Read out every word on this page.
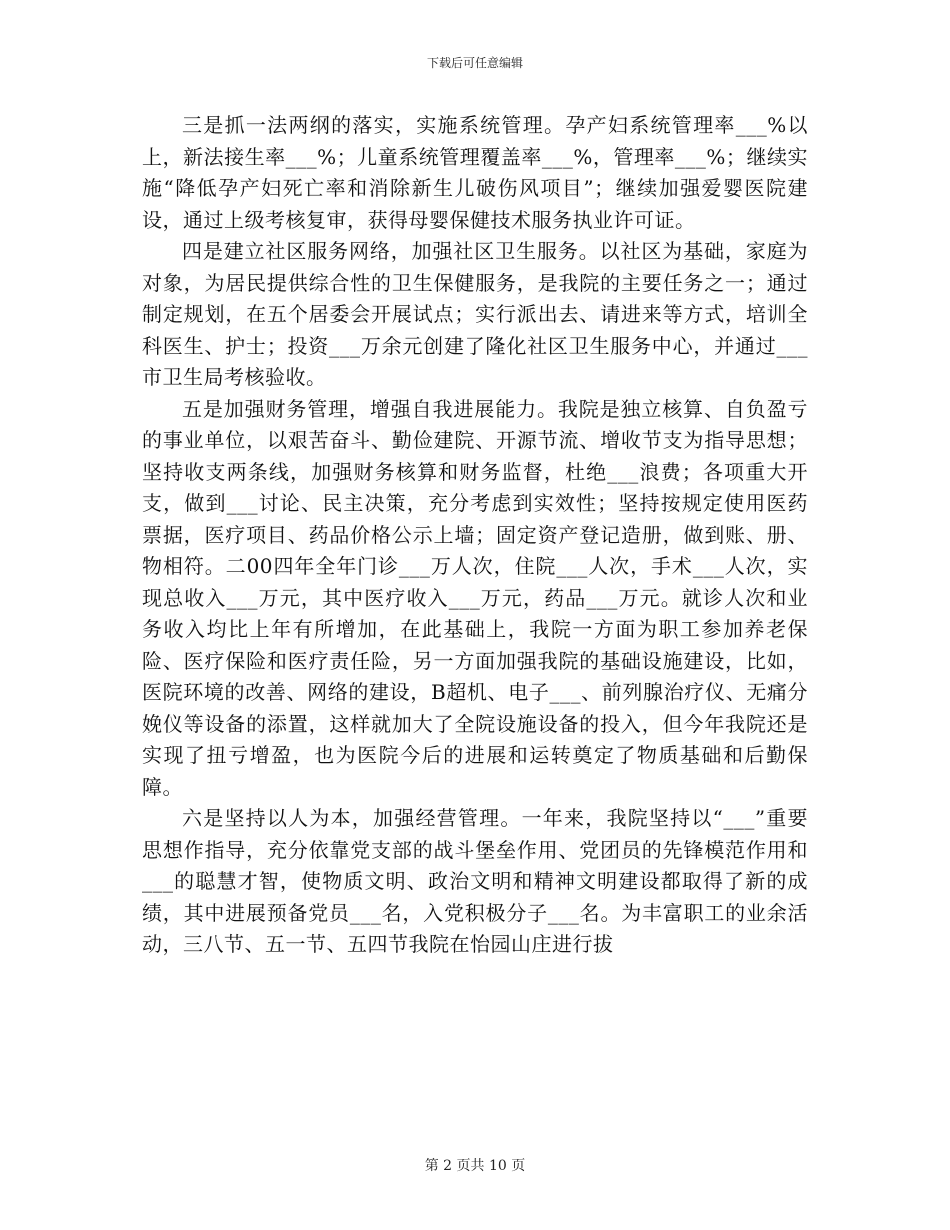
下载后可任意编辑

三是抓一法两纲的落实，实施系统管理。孕产妇系统管理率___%以上，新法接生率___%；儿童系统管理覆盖率___%，管理率___%；继续实施“降低孕产妇死亡率和消除新生儿破伤风项目”；继续加强爱婴医院建设，通过上级考核复审，获得母婴保健技术服务执业许可证。

四是建立社区服务网络，加强社区卫生服务。以社区为基础，家庭为对象，为居民提供综合性的卫生保健服务，是我院的主要任务之一；通过制定规划，在五个居委会开展试点；实行派出去、请进来等方式，培训全科医生、护士；投资___万余元创建了隆化社区卫生服务中心，并通过___市卫生局考核验收。

五是加强财务管理，增强自我进展能力。我院是独立核算、自负盈亏的事业单位，以艰苦奋斗、勤俭建院、开源节流、增收节支为指导思想；坚持收支两条线，加强财务核算和财务监督，杜绝___浪费；各项重大开支，做到___讨论、民主决策，充分考虑到实效性；坚持按规定使用医药票据，医疗项目、药品价格公示上墙；固定资产登记造册，做到账、册、物相符。二00四年全年门诊___万人次，住院___人次，手术___人次，实现总收入___万元，其中医疗收入___万元，药品___万元。就诊人次和业务收入均比上年有所增加，在此基础上，我院一方面为职工参加养老保险、医疗保险和医疗责任险，另一方面加强我院的基础设施建设，比如，医院环境的改善、网络的建设，B超机、电子___、前列腺治疗仪、无痛分娩仪等设备的添置，这样就加大了全院设施设备的投入，但今年我院还是实现了扭亏增盈，也为医院今后的进展和运转奠定了物质基础和后勤保障。

六是坚持以人为本，加强经营管理。一年来，我院坚持以“___”重要思想作指导，充分依靠党支部的战斗堡垒作用、党团员的先锋模范作用和___的聪慧才智，使物质文明、政治文明和精神文明建设都取得了新的成绩，其中进展预备党员___名，入党积极分子___名。为丰富职工的业余活动，三八节、五一节、五四节我院在怡园山庄进行拔

第 2 页共 10 页
